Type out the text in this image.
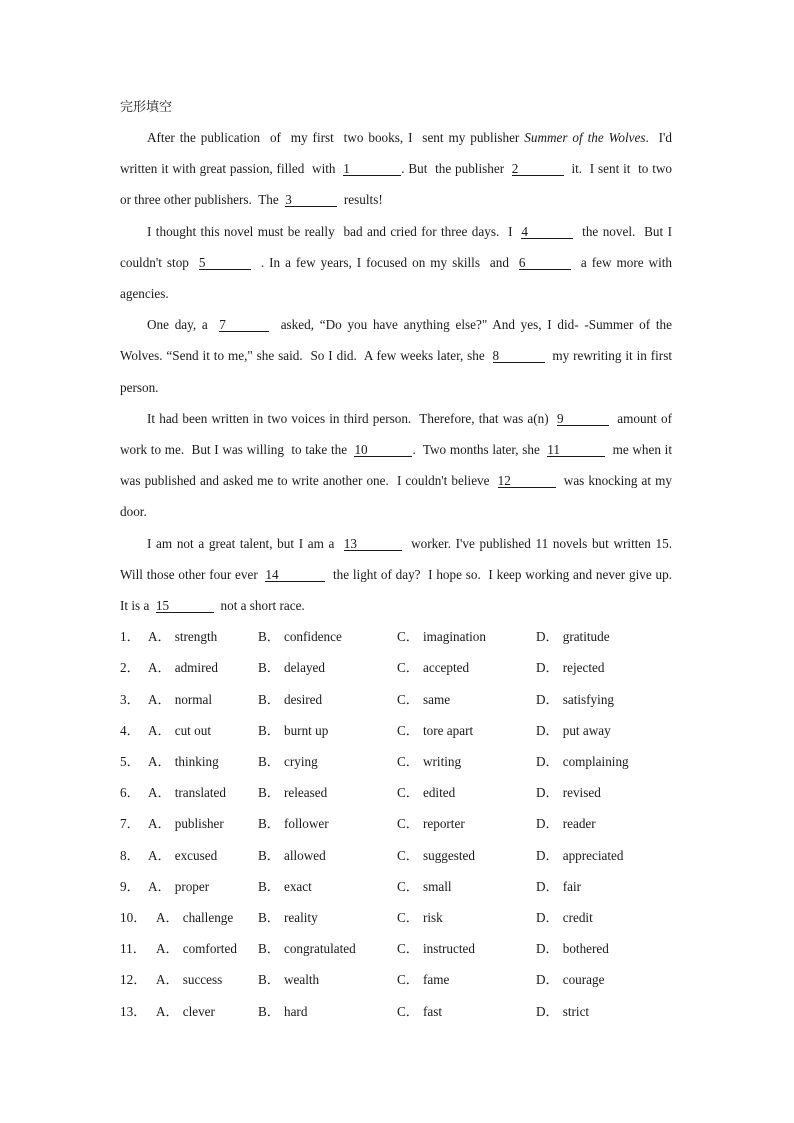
完形填空

After the publication  of  my first  two books, I  sent my publisher Summer of the Wolves.  I'd written it with great passion, filled  with  1	. But  the publisher  2	it.  I sent it  to two or three other publishers.  The  3	results!

I thought this novel must be really  bad and cried for three days.  I  4	the novel.  But I couldn't stop  5	. In a few years, I focused on my skills  and  6	a few more with agencies.

One day, a  7	asked, “Do you have anything else?" And yes, I did- -Summer of the Wolves. “Send it to me," she said.  So I did.  A few weeks later, she  8	my rewriting it in first person.

It had been written in two voices in third person.  Therefore, that was a(n)  9	amount of work to me.  But I was willing  to take the  10	.  Two months later, she  11	me when it was published and asked me to write another one.  I couldn't believe  12	was knocking at my door.

I am not a great talent, but I am a  13	worker. I've published 11 novels but written 15.  Will those other four ever  14	the light of day?  I hope so.  I keep working and never give up.  It is a  15	not a short race.

1． A． strength	B． confidence	C． imagination	D． gratitude
2． A． admired	B． delayed	C． accepted	D． rejected
3． A． normal	B． desired	C． same	D． satisfying
4． A． cut out	B． burnt up	C． tore apart	D． put away
5． A． thinking	B． crying	C． writing	D． complaining
6． A． translated	B． released	C． edited	D． revised
7． A． publisher	B． follower	C． reporter	D． reader
8． A． excused	B． allowed	C． suggested	D． appreciated
9． A． proper	B． exact	C． small	D． fair
10． A． challenge	B． reality	C． risk	D． credit
11． A． comforted	B． congratulated	C． instructed	D． bothered
12． A． success	B． wealth	C． fame	D． courage
13． A． clever	B． hard	C． fast	D． strict
